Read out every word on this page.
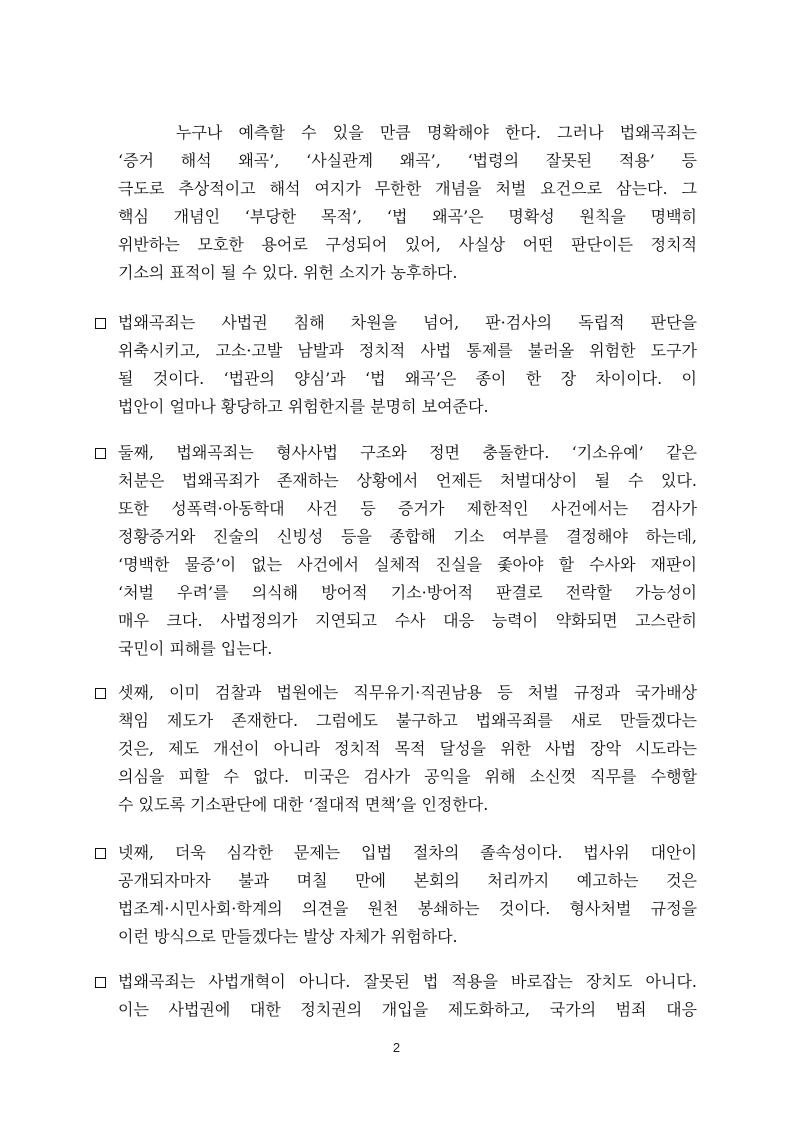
누구나 예측할 수 있을 만큼 명확해야 한다. 그러나 법왜곡죄는
‘증거 해석 왜곡’, ‘사실관계 왜곡’, ‘법령의 잘못된 적용’ 등
극도로 추상적이고 해석 여지가 무한한 개념을 처벌 요건으로 삼는다. 그
핵심 개념인 ‘부당한 목적’, ‘법 왜곡’은 명확성 원칙을 명백히
위반하는 모호한 용어로 구성되어 있어, 사실상 어떤 판단이든 정치적
기소의 표적이 될 수 있다. 위헌 소지가 농후하다.
법왜곡죄는 사법권 침해 차원을 넘어, 판·검사의 독립적 판단을
위축시키고, 고소·고발 남발과 정치적 사법 통제를 불러올 위험한 도구가
될 것이다. ‘법관의 양심’과 ‘법 왜곡’은 종이 한 장 차이이다. 이
법안이 얼마나 황당하고 위험한지를 분명히 보여준다.
둘째, 법왜곡죄는 형사사법 구조와 정면 충돌한다. ‘기소유예’ 같은
처분은 법왜곡죄가 존재하는 상황에서 언제든 처벌대상이 될 수 있다.
또한 성폭력·아동학대 사건 등 증거가 제한적인 사건에서는 검사가
정황증거와 진술의 신빙성 등을 종합해 기소 여부를 결정해야 하는데,
‘명백한 물증’이 없는 사건에서 실체적 진실을 좇아야 할 수사와 재판이
‘처벌 우려’를 의식해 방어적 기소·방어적 판결로 전락할 가능성이
매우 크다. 사법정의가 지연되고 수사 대응 능력이 약화되면 고스란히
국민이 피해를 입는다.
셋째, 이미 검찰과 법원에는 직무유기·직권남용 등 처벌 규정과 국가배상
책임 제도가 존재한다. 그럼에도 불구하고 법왜곡죄를 새로 만들겠다는
것은, 제도 개선이 아니라 정치적 목적 달성을 위한 사법 장악 시도라는
의심을 피할 수 없다. 미국은 검사가 공익을 위해 소신껏 직무를 수행할
수 있도록 기소판단에 대한 ‘절대적 면책’을 인정한다.
넷째, 더욱 심각한 문제는 입법 절차의 졸속성이다. 법사위 대안이
공개되자마자 불과 며칠 만에 본회의 처리까지 예고하는 것은
법조계·시민사회·학계의 의견을 원천 봉쇄하는 것이다. 형사처벌 규정을
이런 방식으로 만들겠다는 발상 자체가 위험하다.
법왜곡죄는 사법개혁이 아니다. 잘못된 법 적용을 바로잡는 장치도 아니다.
이는 사법권에 대한 정치권의 개입을 제도화하고, 국가의 범죄 대응
2
